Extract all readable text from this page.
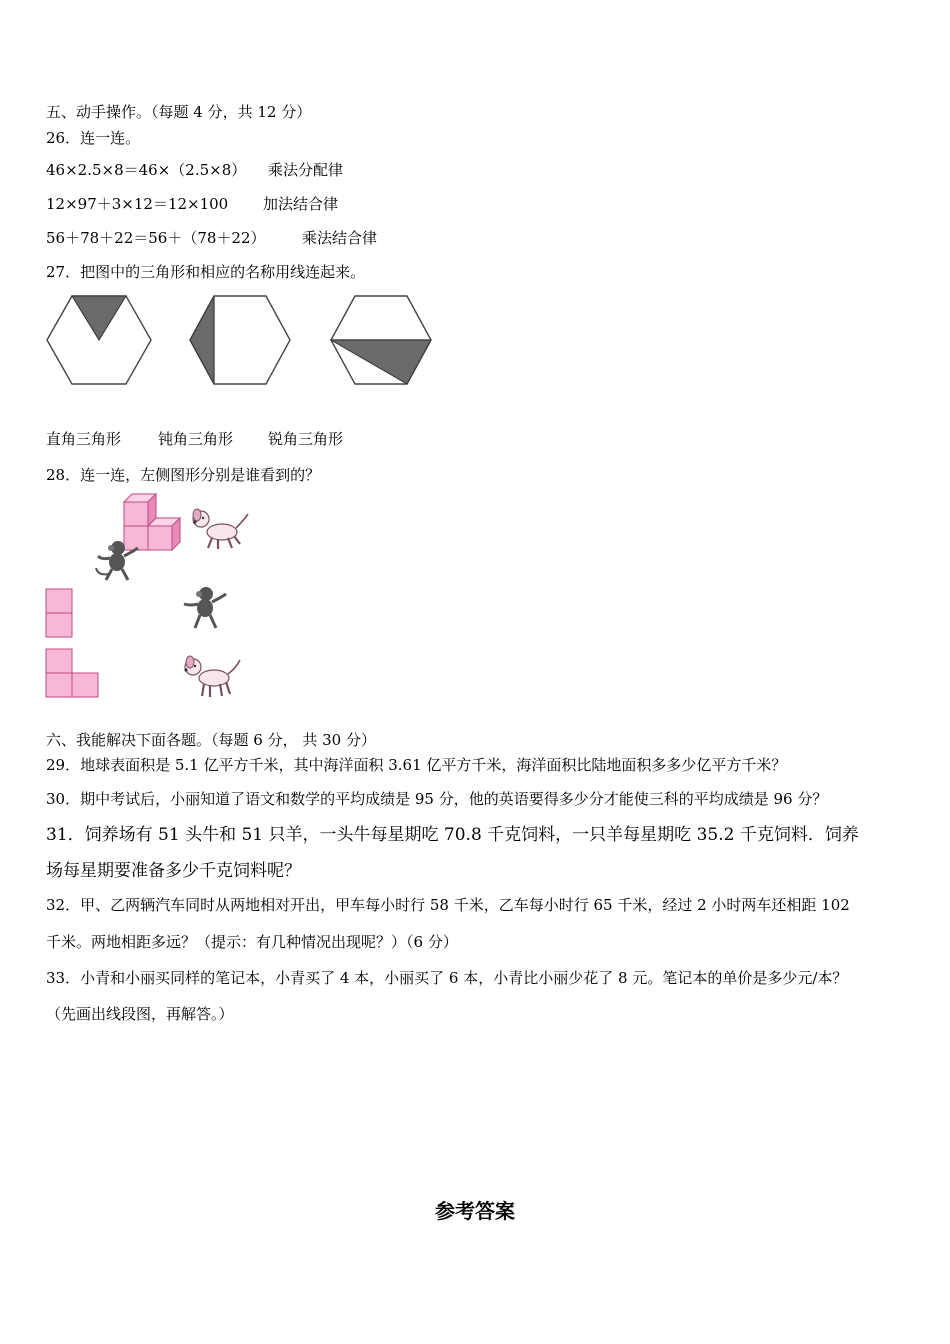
五、动手操作。（每题 4 分，共 12 分）
26．连一连。
46×2.5×8＝46×（2.5×8） 乘法分配律
12×97＋3×12＝12×100 加法结合律
56＋78＋22＝56＋（78＋22） 乘法结合律
27．把图中的三角形和相应的名称用线连起来。
直角三角形 钝角三角形 锐角三角形
28．连一连，左侧图形分别是谁看到的？
六、我能解决下面各题。（每题 6 分， 共 30 分）
29．地球表面积是 5.1 亿平方千米，其中海洋面积 3.61 亿平方千米，海洋面积比陆地面积多多少亿平方千米？
30．期中考试后，小丽知道了语文和数学的平均成绩是 95 分，他的英语要得多少分才能使三科的平均成绩是 96 分？
31．饲养场有 51 头牛和 51 只羊，一头牛每星期吃 70.8 千克饲料，一只羊每星期吃 35.2 千克饲料．饲养
场每星期要准备多少千克饲料呢？
32．甲、乙两辆汽车同时从两地相对开出，甲车每小时行 58 千米，乙车每小时行 65 千米，经过 2 小时两车还相距 102
千米。两地相距多远？（提示：有几种情况出现呢？）（6 分）
33．小青和小丽买同样的笔记本，小青买了 4 本，小丽买了 6 本，小青比小丽少花了 8 元。笔记本的单价是多少元/本？
（先画出线段图，再解答。）
参考答案
